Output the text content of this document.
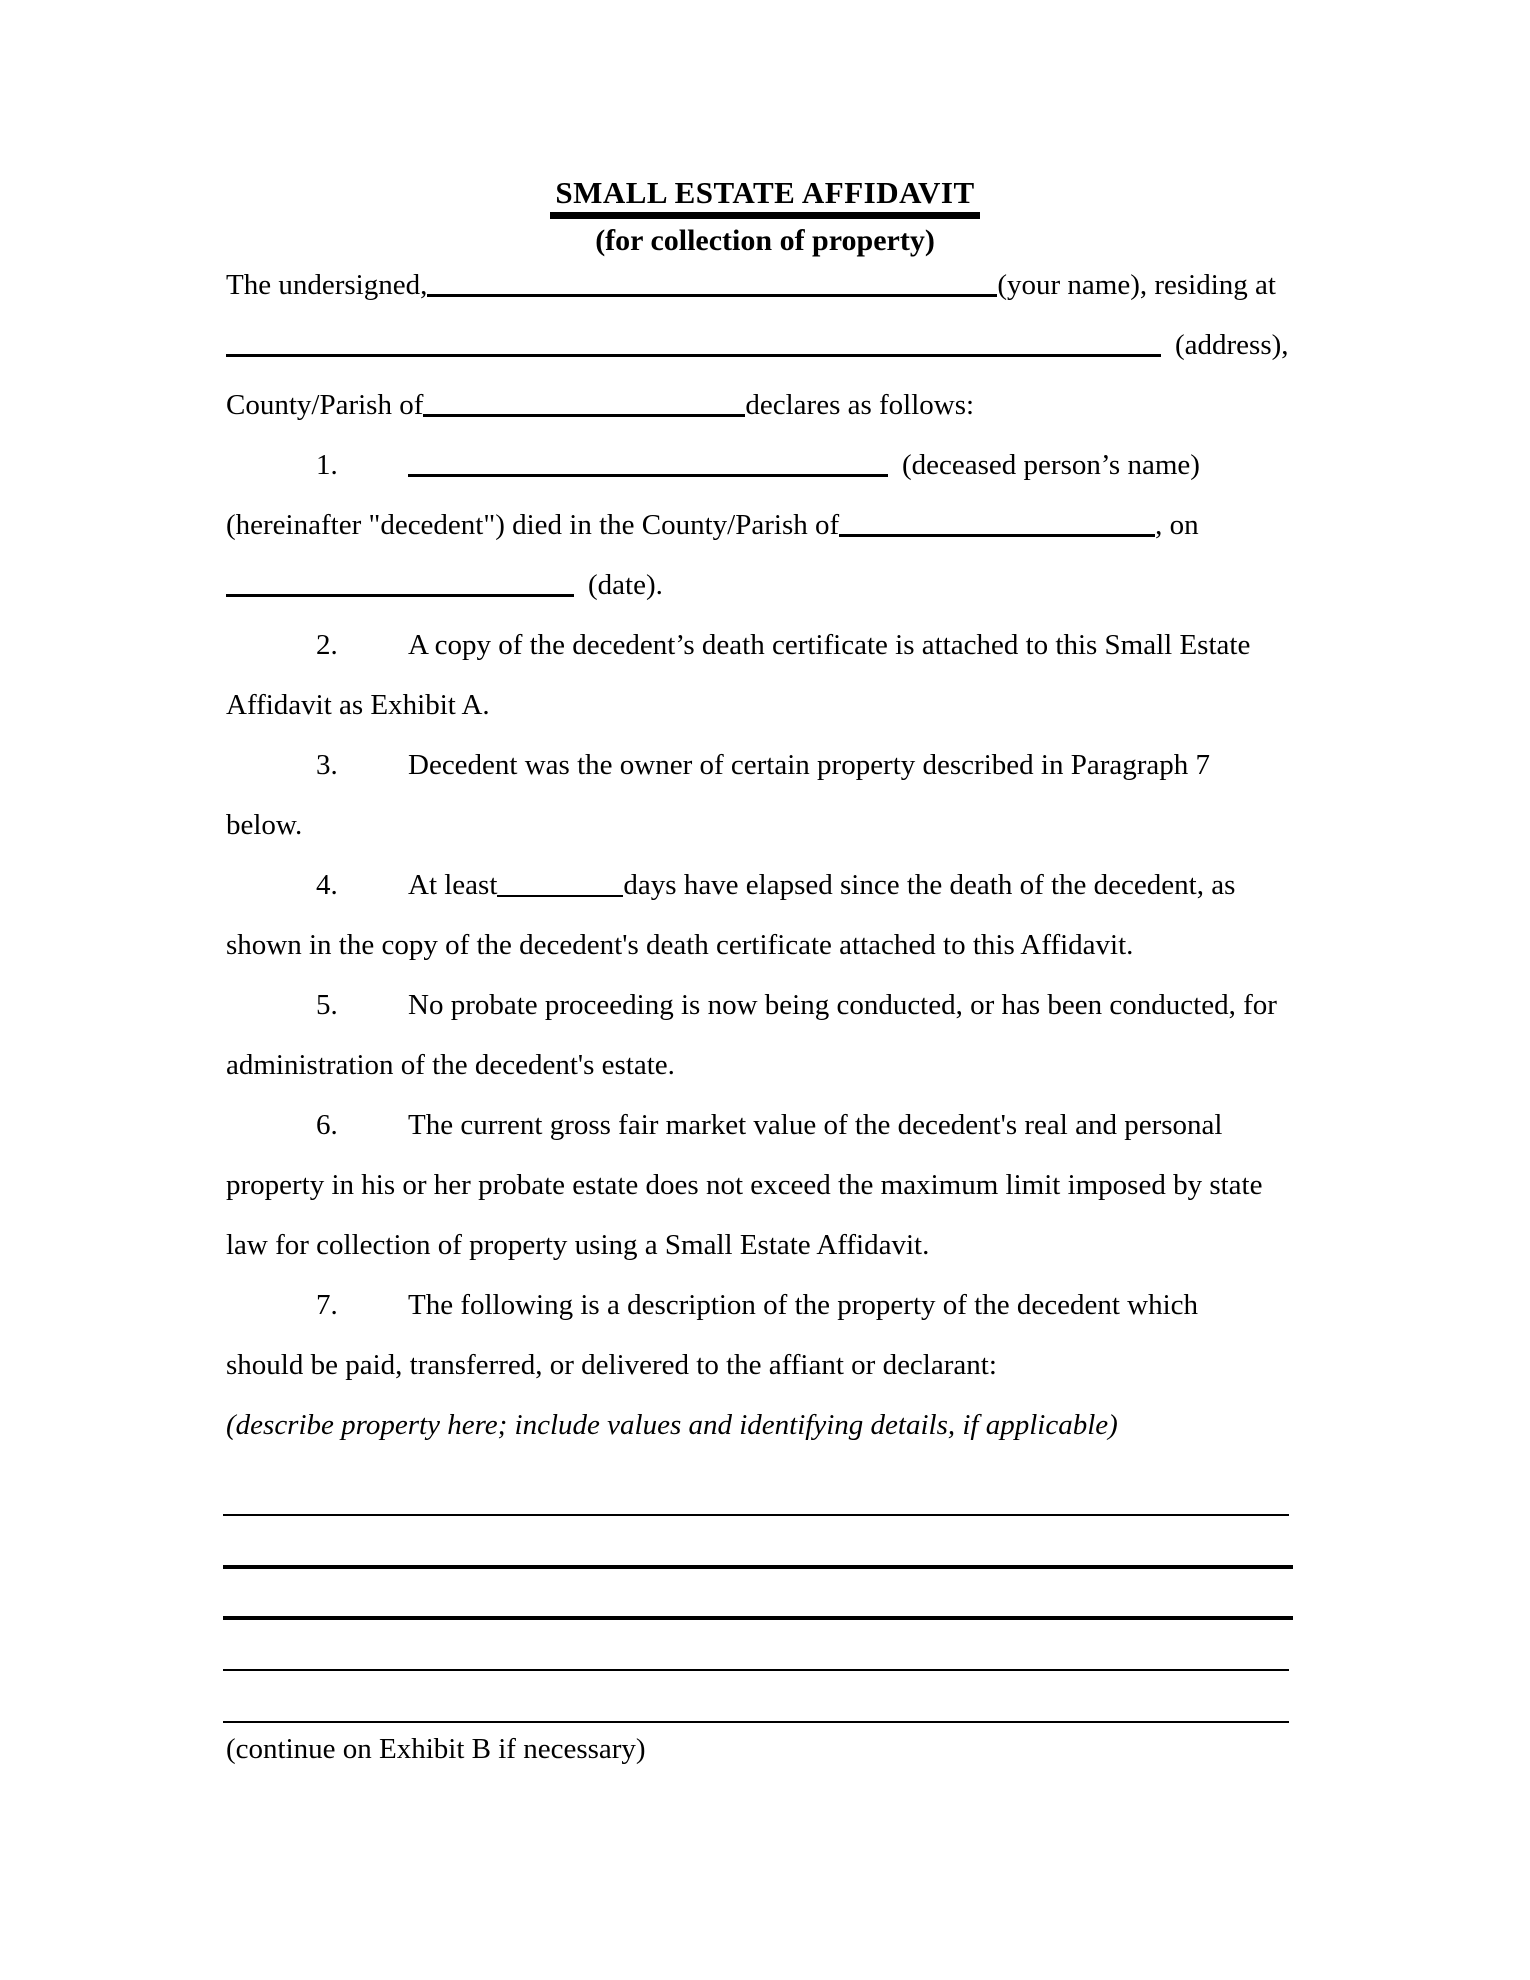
SMALL ESTATE AFFIDAVIT
(for collection of property)
The undersigned,	(your name), residing at
(address),
County/Parish of	declares as follows:
1.	(deceased person’s name)
(hereinafter "decedent") died in the County/Parish of	, on
(date).
2. A copy of the decedent’s death certificate is attached to this Small Estate
Affidavit as Exhibit A.
3. Decedent was the owner of certain property described in Paragraph 7
below.
4. At least	days have elapsed since the death of the decedent, as
shown in the copy of the decedent's death certificate attached to this Affidavit.
5. No probate proceeding is now being conducted, or has been conducted, for
administration of the decedent's estate.
6. The current gross fair market value of the decedent's real and personal
property in his or her probate estate does not exceed the maximum limit imposed by state
law for collection of property using a Small Estate Affidavit.
7. The following is a description of the property of the decedent which
should be paid, transferred, or delivered to the affiant or declarant:
(describe property here; include values and identifying details, if applicable)
(continue on Exhibit B if necessary)
